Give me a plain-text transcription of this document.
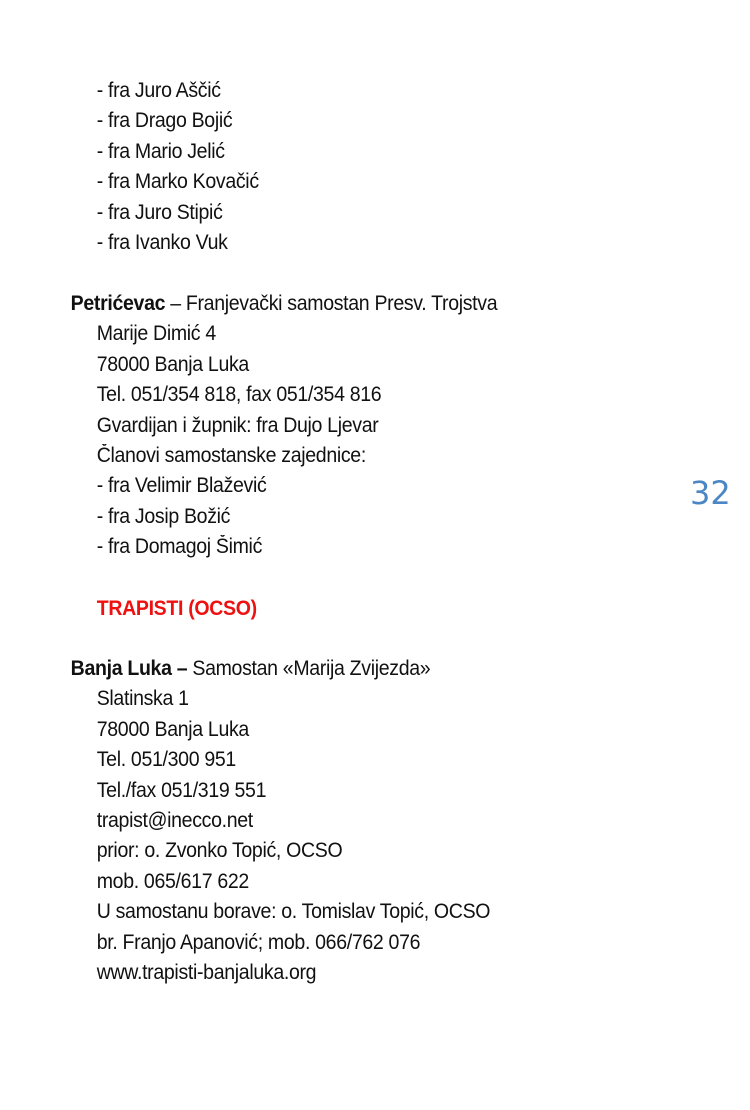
- fra Juro Aščić
- fra Drago Bojić
- fra Mario Jelić
- fra Marko Kovačić
- fra Juro Stipić
- fra Ivanko Vuk
Petrićevac – Franjevački samostan Presv. Trojstva
Marije Dimić 4
78000 Banja Luka
Tel. 051/354 818, fax 051/354 816
Gvardijan i župnik: fra Dujo Ljevar
Članovi samostanske zajednice:
- fra Velimir Blažević
- fra Josip Božić
- fra Domagoj Šimić
TRAPISTI (OCSO)
Banja Luka – Samostan «Marija Zvijezda»
Slatinska 1
78000 Banja Luka
Tel. 051/300 951
Tel./fax 051/319 551
trapist@inecco.net
prior: o. Zvonko Topić, OCSO
mob. 065/617 622
U samostanu borave: o. Tomislav Topić, OCSO
br. Franjo Apanović; mob. 066/762 076
www.trapisti-banjaluka.org
32
